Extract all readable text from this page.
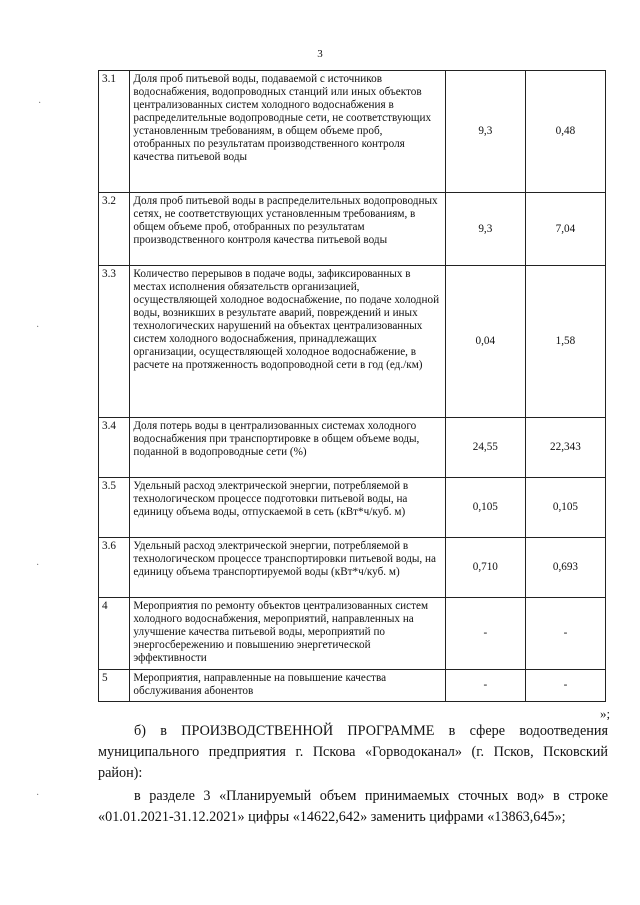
3
3.1	Доля проб питьевой воды, подаваемой с источников водоснабжения, водопроводных станций или иных объектов централизованных систем холодного водоснабжения в распределительные водопроводные сети, не соответствующих установленным требованиям, в общем объеме проб, отобранных по результатам производственного контроля качества питьевой воды	9,3	0,48
3.2	Доля проб питьевой воды в распределительных водопроводных сетях, не соответствующих установленным требованиям, в общем объеме проб, отобранных по результатам производственного контроля качества питьевой воды	9,3	7,04
3.3	Количество перерывов в подаче воды, зафиксированных в местах исполнения обязательств организацией, осуществляющей холодное водоснабжение, по подаче холодной воды, возникших в результате аварий, повреждений и иных технологических нарушений на объектах централизованных систем холодного водоснабжения, принадлежащих организации, осуществляющей холодное водоснабжение, в расчете на протяженность водопроводной сети в год (ед./км)	0,04	1,58
3.4	Доля потерь воды в централизованных системах холодного водоснабжения при транспортировке в общем объеме воды, поданной в водопроводные сети (%)	24,55	22,343
3.5	Удельный расход электрической энергии, потребляемой в технологическом процессе подготовки питьевой воды, на единицу объема воды, отпускаемой в сеть (кВт*ч/куб. м)	0,105	0,105
3.6	Удельный расход электрической энергии, потребляемой в технологическом процессе транспортировки питьевой воды, на единицу объема транспортируемой воды (кВт*ч/куб. м)	0,710	0,693
4	Мероприятия по ремонту объектов централизованных систем холодного водоснабжения, мероприятий, направленных на улучшение качества питьевой воды, мероприятий по энергосбережению и повышению энергетической эффективности	-	-
5	Мероприятия, направленные на повышение качества обслуживания абонентов	-	-
»;
б) в ПРОИЗВОДСТВЕННОЙ ПРОГРАММЕ в сфере водоотведения муниципального предприятия г. Пскова «Горводоканал» (г. Псков, Псковский район):
в разделе 3 «Планируемый объем принимаемых сточных вод» в строке «01.01.2021-31.12.2021» цифры «14622,642» заменить цифрами «13863,645»;
·
·
·
·
